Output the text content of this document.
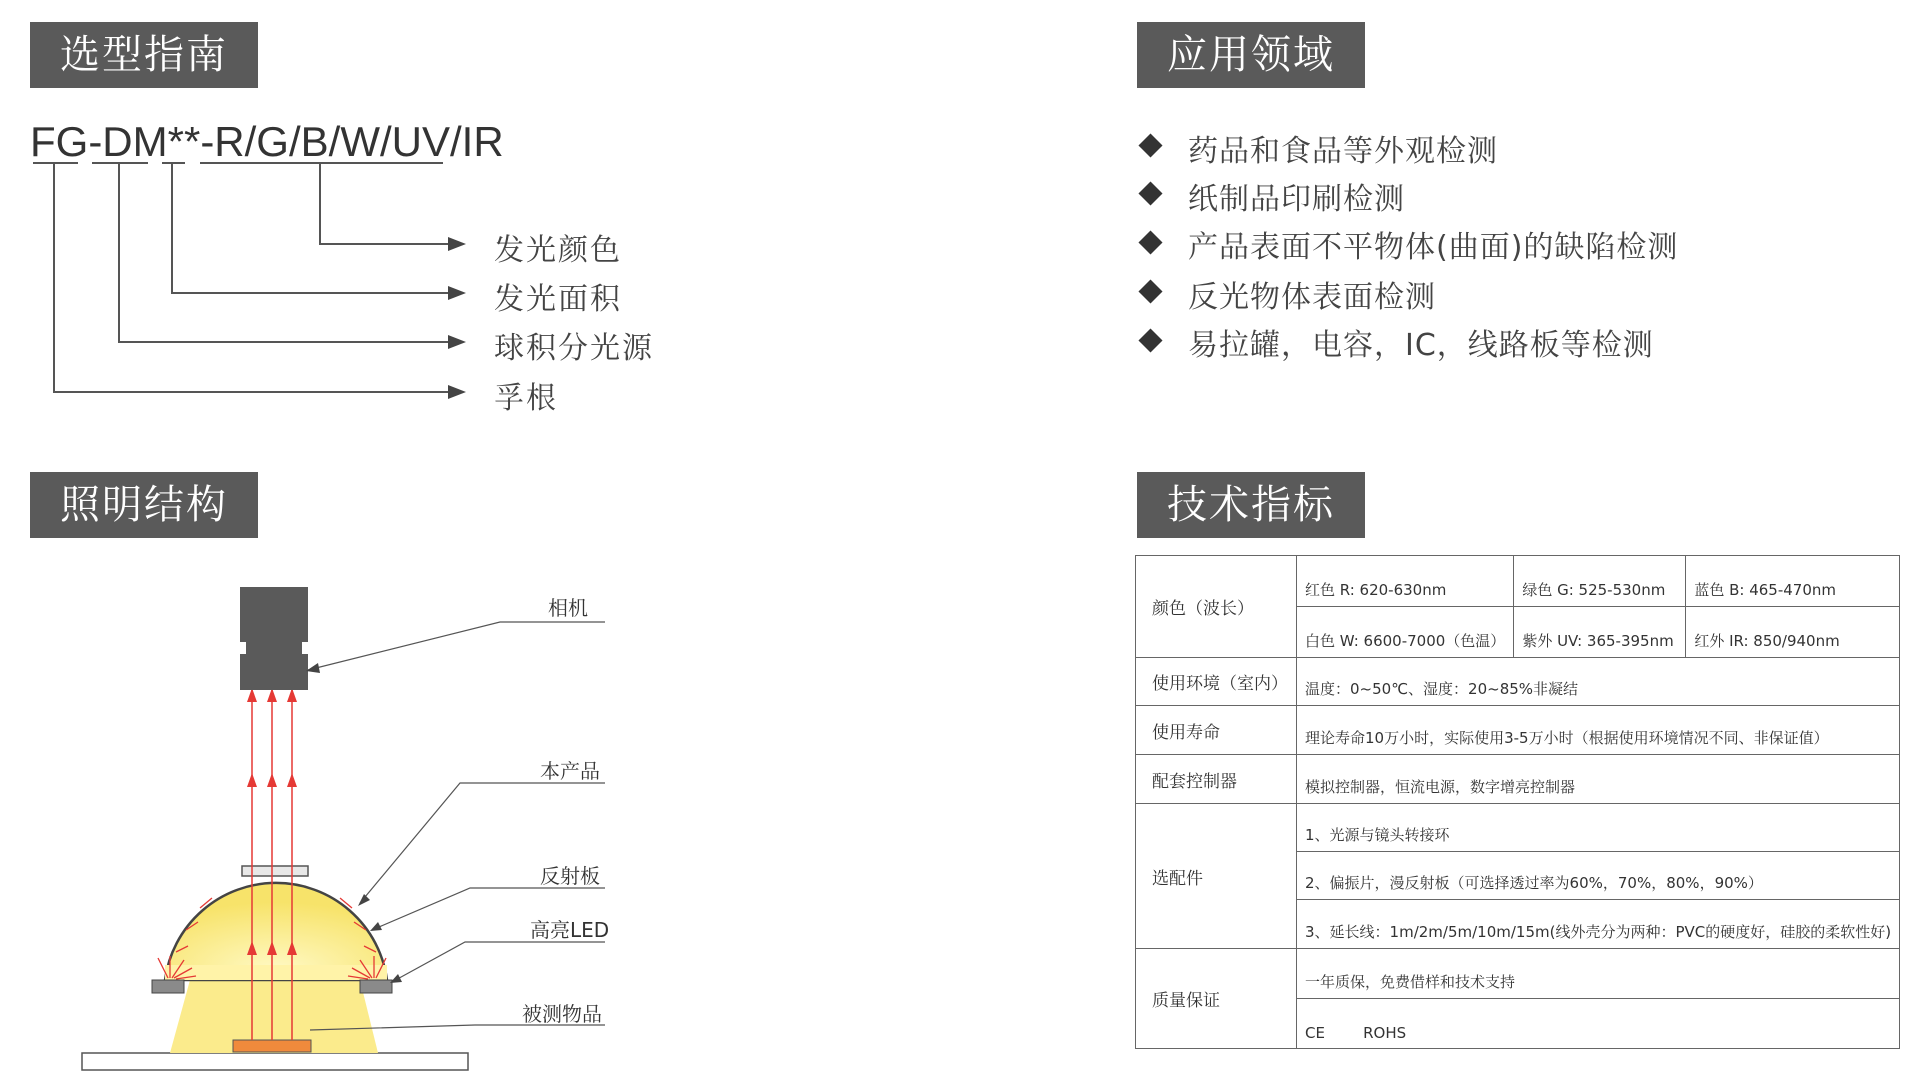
选型指南	应用领域
照明结构	技术指标
FG-DM**-R/G/B/W/UV/IR
发光颜色
发光面积
球积分光源
孚根
药品和食品等外观检测
纸制品印刷检测
产品表面不平物体(曲面)的缺陷检测
反光物体表面检测
易拉罐，电容，IC，线路板等检测
相机
本产品
反射板
高亮LED
被测物品
颜色（波长）	红色 R: 620-630nm	绿色 G: 525-530nm	蓝色 B: 465-470nm
	白色 W: 6600-7000（色温）	紫外 UV: 365-395nm	红外 IR: 850/940nm
使用环境（室内）	温度：0~50℃、湿度：20~85%非凝结		
使用寿命	理论寿命10万小时，实际使用3-5万小时（根据使用环境情况不同、非保证值）		
配套控制器	模拟控制器，恒流电源，数字增亮控制器		
选配件	1、光源与镜头转接环		
	2、偏振片，漫反射板（可选择透过率为60%，70%，80%，90%）		
	3、延长线：1m/2m/5m/10m/15m(线外壳分为两种：PVC的硬度好，硅胶的柔软性好)		
质量保证	一年质保，免费借样和技术支持		
	CE        ROHS		
